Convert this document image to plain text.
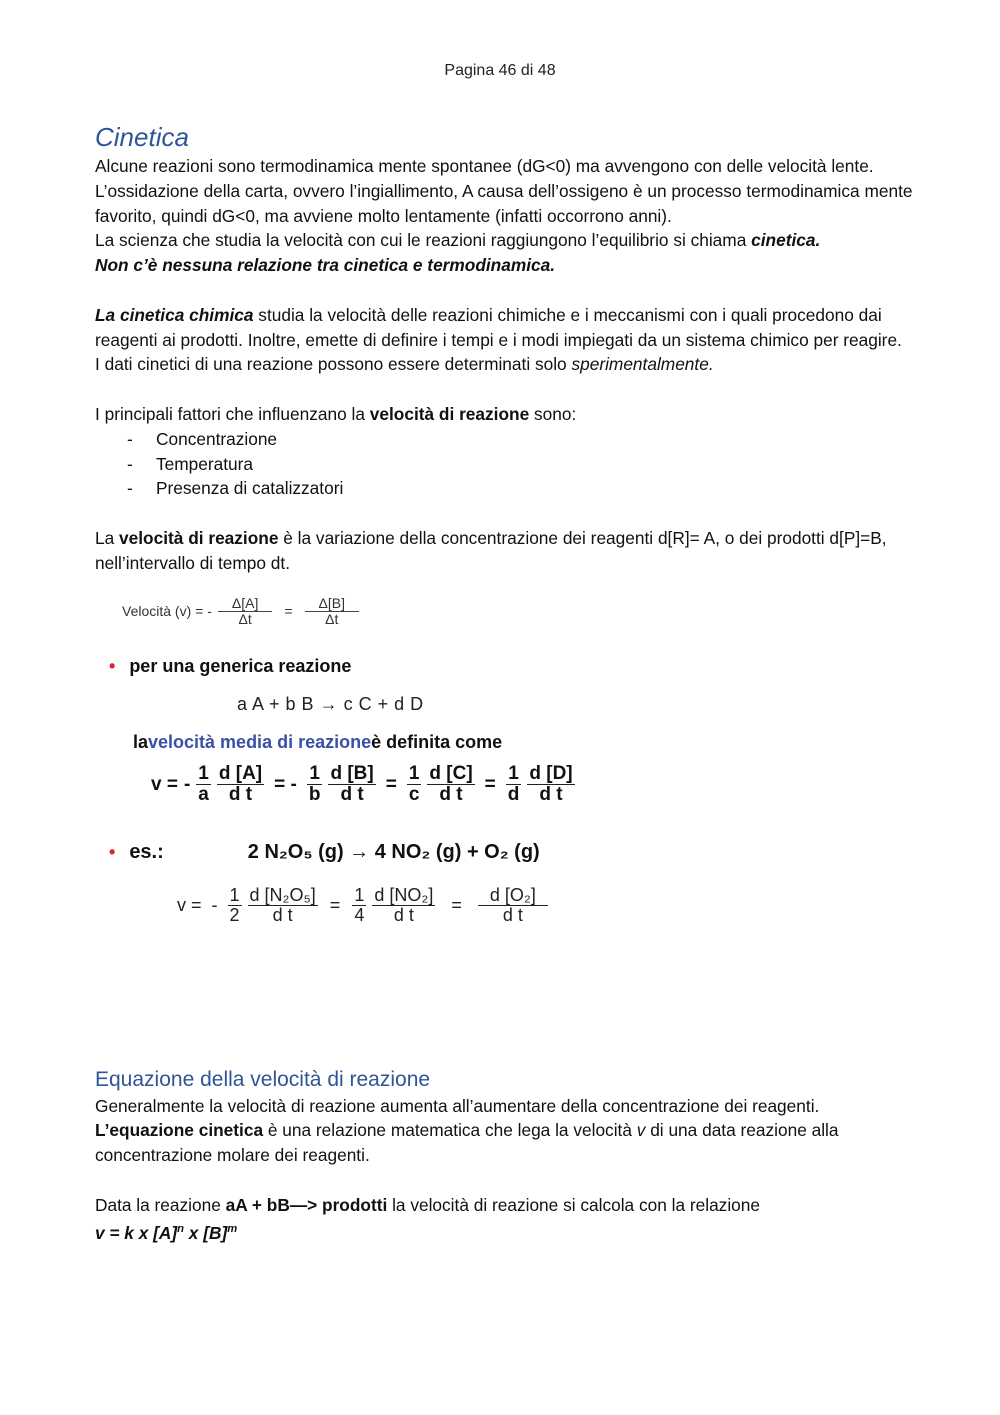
Pagina 46 di 48
Cinetica

Alcune reazioni sono termodinamica mente spontanee (dG<0) ma avvengono con delle velocità lente.

L’ossidazione della carta, ovvero l’ingiallimento, A causa dell’ossigeno è un processo termodinamica mente favorito, quindi dG<0, ma avviene molto lentamente (infatti occorrono anni).

La scienza che studia la velocità con cui le reazioni raggiungono l’equilibrio si chiama cinetica.

Non c’è nessuna relazione tra cinetica e termodinamica.

La cinetica chimica studia la velocità delle reazioni chimiche e i meccanismi con i quali procedono dai reagenti ai prodotti. Inoltre, emette di definire i tempi e i modi impiegati da un sistema chimico per reagire.

I dati cinetici di una reazione possono essere determinati solo sperimentalmente.

I principali fattori che influenzano la velocità di reazione sono:

- Concentrazione
- Temperatura
- Presenza di catalizzatori

La velocità di reazione è la variazione della concentrazione dei reagenti d[R]= A, o dei prodotti d[P]=B, nell’intervallo di tempo dt.

Velocità (v) = - $\frac{\Delta[A]}{\Delta t} = \frac{\Delta[B]}{\Delta t}$
• per una generica reazione
a A + b B → c C + d D
la velocità media di reazione è definita come
v = - $\frac{1}{a} \frac{d [A]}{\text{d t}}$ = - $\frac{1}{b} \frac{d [B]}{\text{d t}} = \frac{1}{c} \frac{d [C]}{\text{d t}} = \frac{1}{d} \frac{d [D]}{\text{d t}}$
• es.:	2 N₂O₅ (g) → 4 NO₂ (g) + O₂ (g)
v = - $\frac{1}{2} \frac{\text{d [N₂O₅]}}{\text{d t}} = \frac{1}{4} \frac{\text{d [NO₂]}}{\text{d t}} = \frac{\text{d [O₂]}}{\text{d t}}$
Equazione della velocità di reazione

Generalmente la velocità di reazione aumenta all’aumentare della concentrazione dei reagenti.

L’equazione cinetica è una relazione matematica che lega la velocità v di una data reazione alla concentrazione molare dei reagenti.

Data la reazione aA + bB—> prodotti la velocità di reazione si calcola con la relazione

v = k x $[A]^n$ x $[B]^m$
